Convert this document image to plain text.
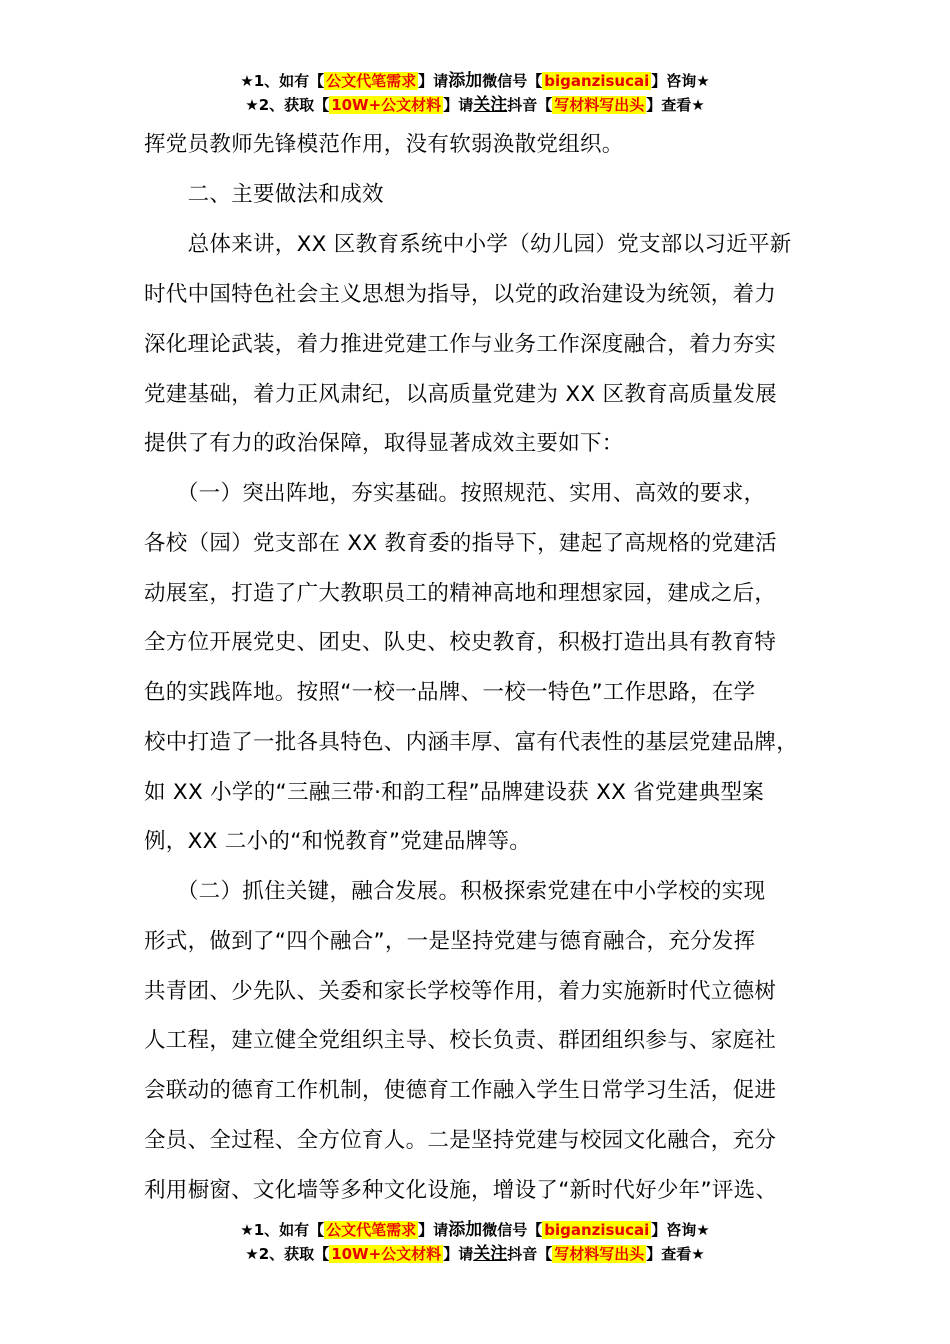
★1、如有【 公文代笔需求 】请添加微信号【 biganzisucai 】咨询★
★2、获取【 10W+公文材料 】请关注抖音【 写材料写出头 】查看★
挥党员教师先锋模范作用，没有软弱涣散党组织。
　　二、主要做法和成效
　　总体来讲，XX 区教育系统中小学（幼儿园）党支部以习近平新
时代中国特色社会主义思想为指导，以党的政治建设为统领，着力
深化理论武装，着力推进党建工作与业务工作深度融合，着力夯实
党建基础，着力正风肃纪，以高质量党建为 XX 区教育高质量发展
提供了有力的政治保障，取得显著成效主要如下：
　　（一）突出阵地，夯实基础。按照规范、实用、高效的要求，
各校（园）党支部在 XX 教育委的指导下，建起了高规格的党建活
动展室，打造了广大教职员工的精神高地和理想家园，建成之后，
全方位开展党史、团史、队史、校史教育，积极打造出具有教育特
色的实践阵地。按照“一校一品牌、一校一特色”工作思路，在学
校中打造了一批各具特色、内涵丰厚、富有代表性的基层党建品牌，
如 XX 小学的“三融三带·和韵工程”品牌建设获 XX 省党建典型案
例，XX 二小的“和悦教育”党建品牌等。
　　（二）抓住关键，融合发展。积极探索党建在中小学校的实现
形式，做到了“四个融合”，一是坚持党建与德育融合，充分发挥
共青团、少先队、关委和家长学校等作用，着力实施新时代立德树
人工程，建立健全党组织主导、校长负责、群团组织参与、家庭社
会联动的德育工作机制，使德育工作融入学生日常学习生活，促进
全员、全过程、全方位育人。二是坚持党建与校园文化融合，充分
利用橱窗、文化墙等多种文化设施，增设了“新时代好少年”评选、
★1、如有【 公文代笔需求 】请添加微信号【 biganzisucai 】咨询★
★2、获取【 10W+公文材料 】请关注抖音【 写材料写出头 】查看★
